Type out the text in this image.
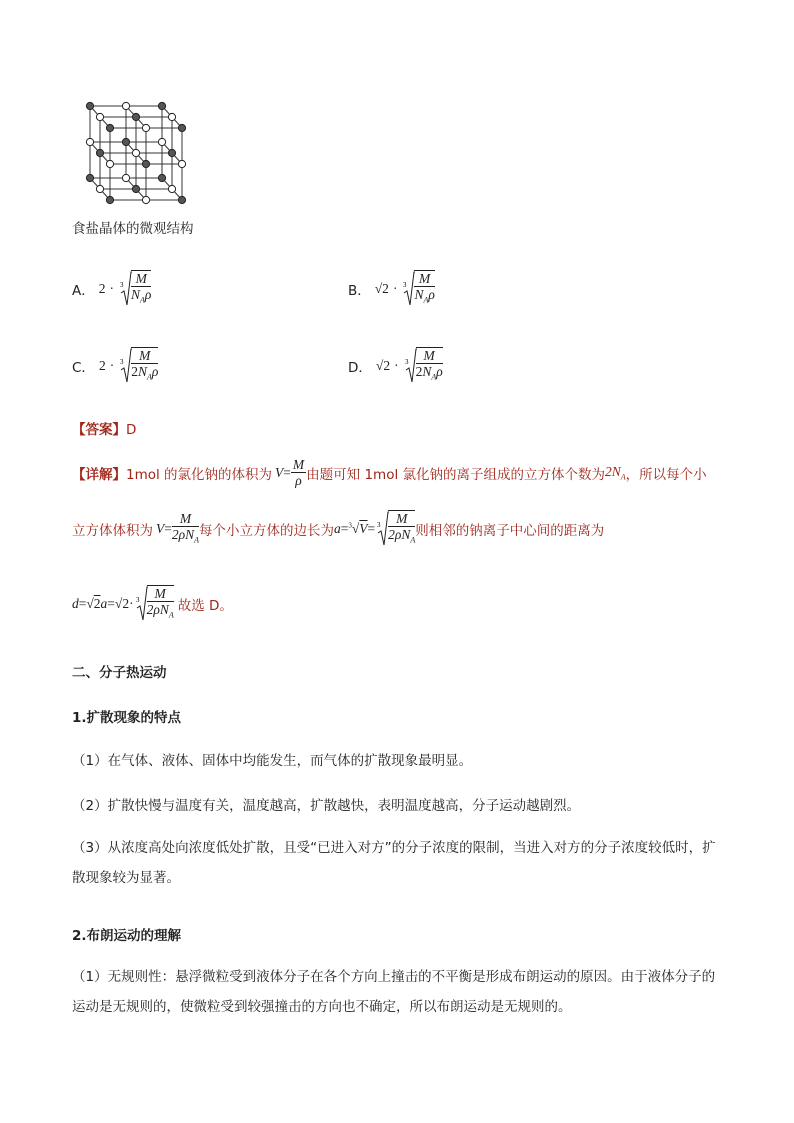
食盐晶体的微观结构
A． $2 \cdot 3 \frac{M}{N_A\rho}$	B． $√2 \cdot 3 \frac{M}{N_A\rho}$
C． $2 \cdot 3 \frac{M}{2N_A\rho}$	D． $√2 \cdot 3 \frac{M}{2N_A\rho}$
【答案】D
【详解】 1mol 的氯化钠的体积为 $V = \frac{M}{\rho}$ 由题可知 1mol 氯化钠的离子组成的立方体个数为 $2N_A$ ，所以每个小
立方体体积为 $V = \frac{M}{2\rho N_A}$ 每个小立方体的边长为 $a = ^3√V = 3 \frac{M}{2\rho N_A}$ 则相邻的钠离子中心间的距离为
$d = √2a = √2 \cdot 3 \frac{M}{2\rho N_A}$ 故选 D。
二、分子热运动
1.扩散现象的特点
（1）在气体、液体、固体中均能发生，而气体的扩散现象最明显。
（2）扩散快慢与温度有关，温度越高，扩散越快，表明温度越高，分子运动越剧烈。
（3）从浓度高处向浓度低处扩散，且受“已进入对方”的分子浓度的限制，当进入对方的分子浓度较低时，扩散现象较为显著。
2.布朗运动的理解
（1）无规则性：悬浮微粒受到液体分子在各个方向上撞击的不平衡是形成布朗运动的原因。由于液体分子的运动是无规则的，使微粒受到较强撞击的方向也不确定，所以布朗运动是无规则的。
